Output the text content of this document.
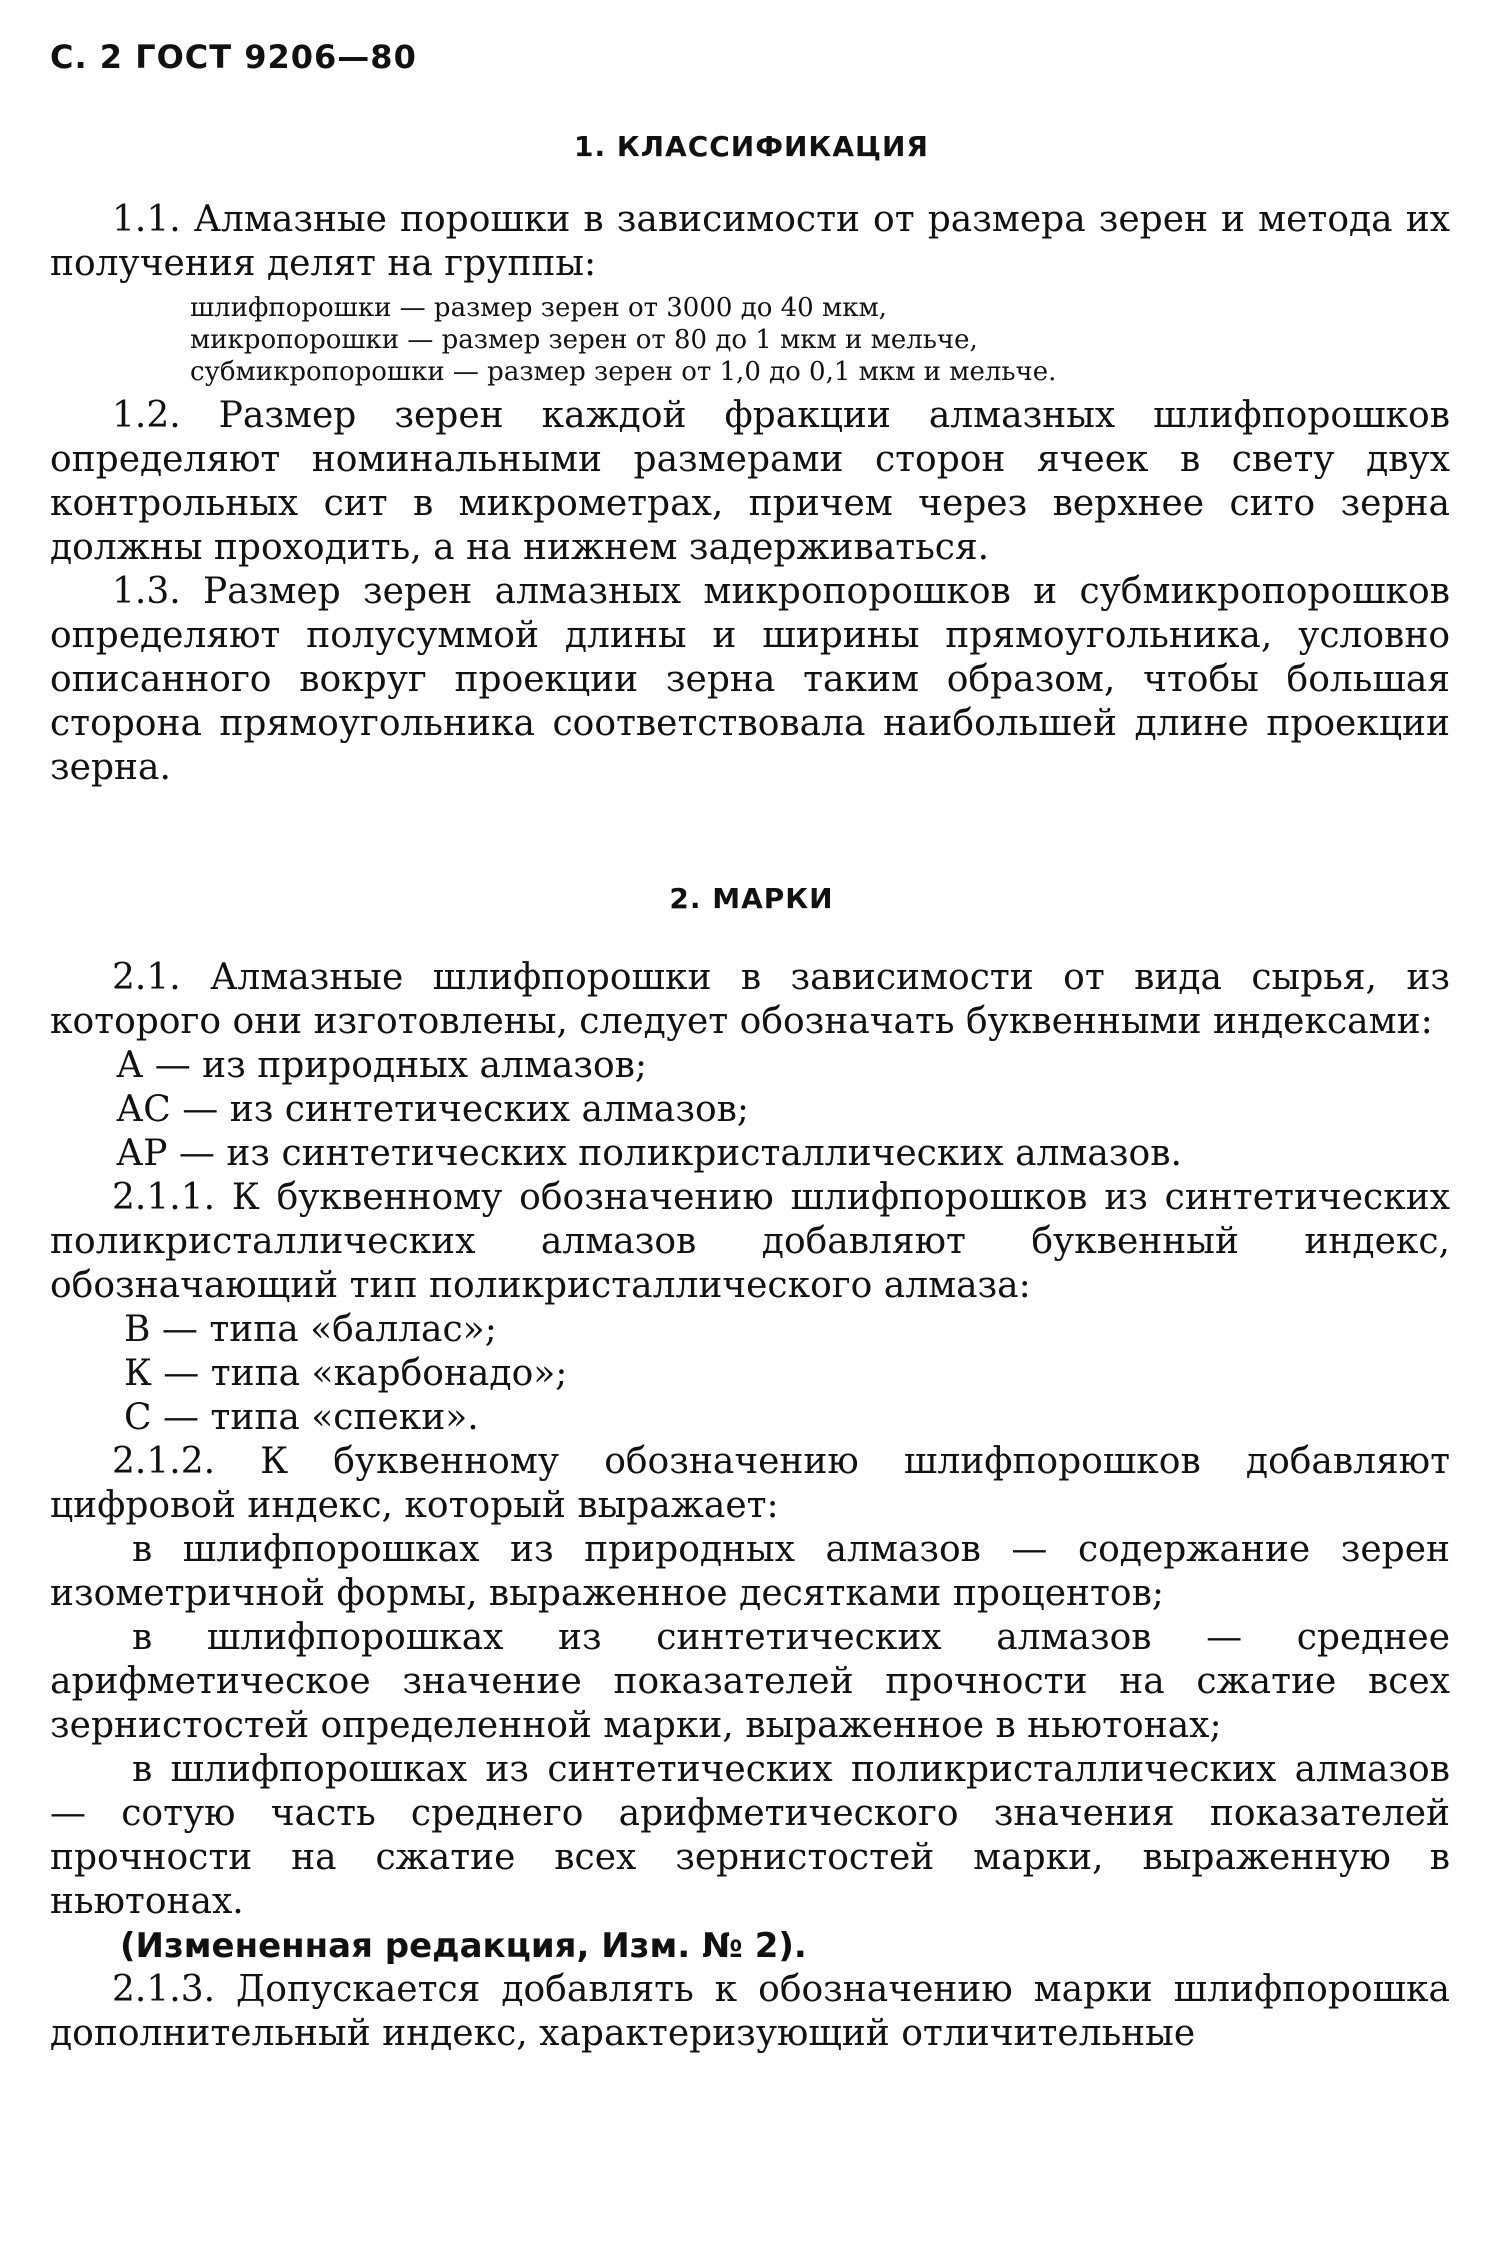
С. 2 ГОСТ 9206—80
1. КЛАССИФИКАЦИЯ

1.1. Алмазные порошки в зависимости от размера зерен и метода их получения делят на группы:

шлифпорошки — размер зерен от 3000 до 40 мкм,

микропорошки — размер зерен от 80 до 1 мкм и мельче,

субмикропорошки — размер зерен от 1,0 до 0,1 мкм и мельче.

1.2. Размер зерен каждой фракции алмазных шлифпорошков определяют номинальными размерами сторон ячеек в свету двух контрольных сит в микрометрах, причем через верхнее сито зерна должны проходить, а на нижнем задерживаться.

1.3. Размер зерен алмазных микропорошков и субмикропорошков определяют полусуммой длины и ширины прямоугольника, условно описанного вокруг проекции зерна таким образом, чтобы большая сторона прямоугольника соответствовала наибольшей длине проекции зерна.

2. МАРКИ

2.1. Алмазные шлифпорошки в зависимости от вида сырья, из которого они изготовлены, следует обозначать буквенными индексами:

А — из природных алмазов;

АС — из синтетических алмазов;

АР — из синтетических поликристаллических алмазов.

2.1.1. К буквенному обозначению шлифпорошков из синтетических поликристаллических алмазов добавляют буквенный индекс, обозначающий тип поликристаллического алмаза:

В — типа «баллас»;

К — типа «карбонадо»;

С — типа «спеки».

2.1.2. К буквенному обозначению шлифпорошков добавляют цифровой индекс, который выражает:

в шлифпорошках из природных алмазов — содержание зерен изометричной формы, выраженное десятками процентов;

в шлифпорошках из синтетических алмазов — среднее арифметическое значение показателей прочности на сжатие всех зернистостей определенной марки, выраженное в ньютонах;

в шлифпорошках из синтетических поликристаллических алмазов — сотую часть среднего арифметического значения показателей прочности на сжатие всех зернистостей марки, выраженную в ньютонах.

(Измененная редакция, Изм. № 2).

2.1.3. Допускается добавлять к обозначению марки шлифпорошка дополнительный индекс, характеризующий отличительные
